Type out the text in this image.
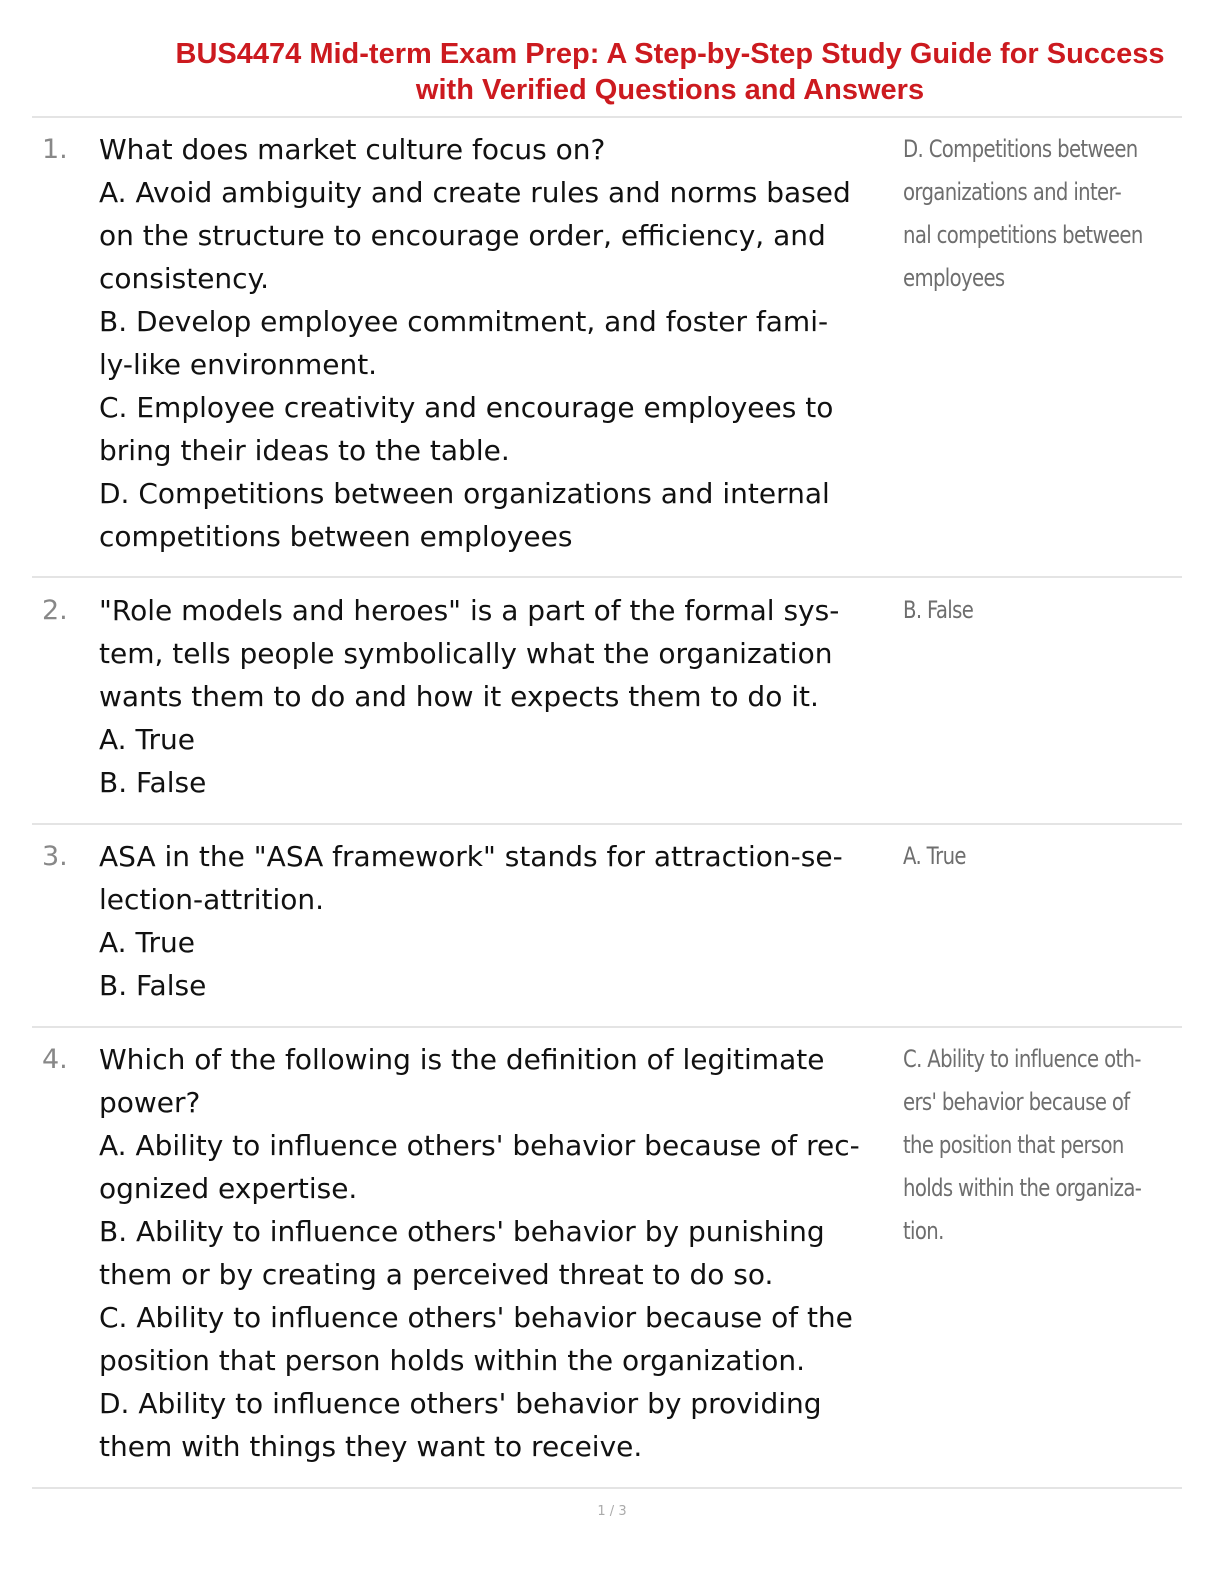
BUS4474 Mid-term Exam Prep: A Step-by-Step Study Guide for Success
with Verified Questions and Answers
1. What does market culture focus on?
A. Avoid ambiguity and create rules and norms based
on the structure to encourage order, efficiency, and
consistency.
B. Develop employee commitment, and foster fami-
ly-like environment.
C. Employee creativity and encourage employees to
bring their ideas to the table.
D. Competitions between organizations and internal
competitions between employees
D. Competitions between
organizations and inter-
nal competitions between
employees
2. "Role models and heroes" is a part of the formal sys-
tem, tells people symbolically what the organization
wants them to do and how it expects them to do it.
A. True
B. False
B. False
3. ASA in the "ASA framework" stands for attraction-se-
lection-attrition.
A. True
B. False
A. True
4. Which of the following is the definition of legitimate
power?
A. Ability to influence others' behavior because of rec-
ognized expertise.
B. Ability to influence others' behavior by punishing
them or by creating a perceived threat to do so.
C. Ability to influence others' behavior because of the
position that person holds within the organization.
D. Ability to influence others' behavior by providing
them with things they want to receive.
C. Ability to influence oth-
ers' behavior because of
the position that person
holds within the organiza-
tion.
1 / 3
